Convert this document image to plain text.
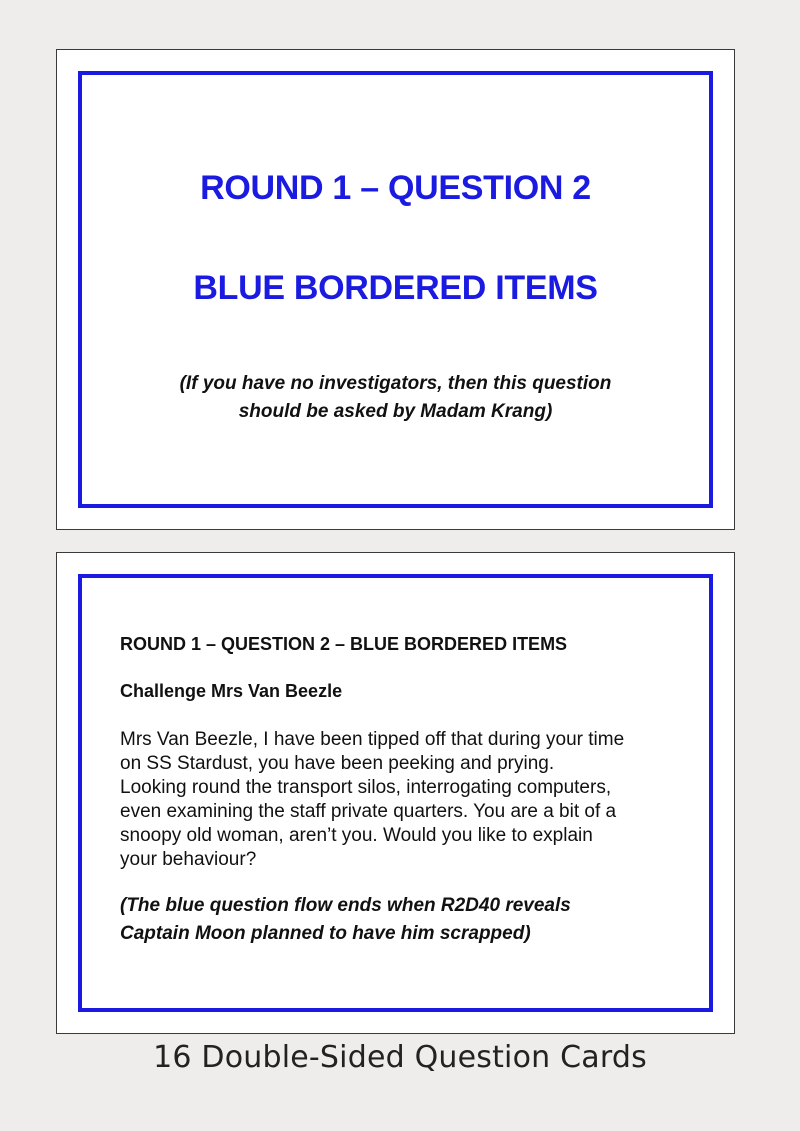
ROUND 1 – QUESTION 2
BLUE BORDERED ITEMS
(If you have no investigators, then this question
should be asked by Madam Krang)

ROUND 1 – QUESTION 2 – BLUE BORDERED ITEMS

Challenge Mrs Van Beezle

Mrs Van Beezle, I have been tipped off that during your time
on SS Stardust, you have been peeking and prying.
Looking round the transport silos, interrogating computers,
even examining the staff private quarters. You are a bit of a
snoopy old woman, aren’t you. Would you like to explain
your behaviour?
(The blue question flow ends when R2D40 reveals
Captain Moon planned to have him scrapped)
16 Double-Sided Question Cards
